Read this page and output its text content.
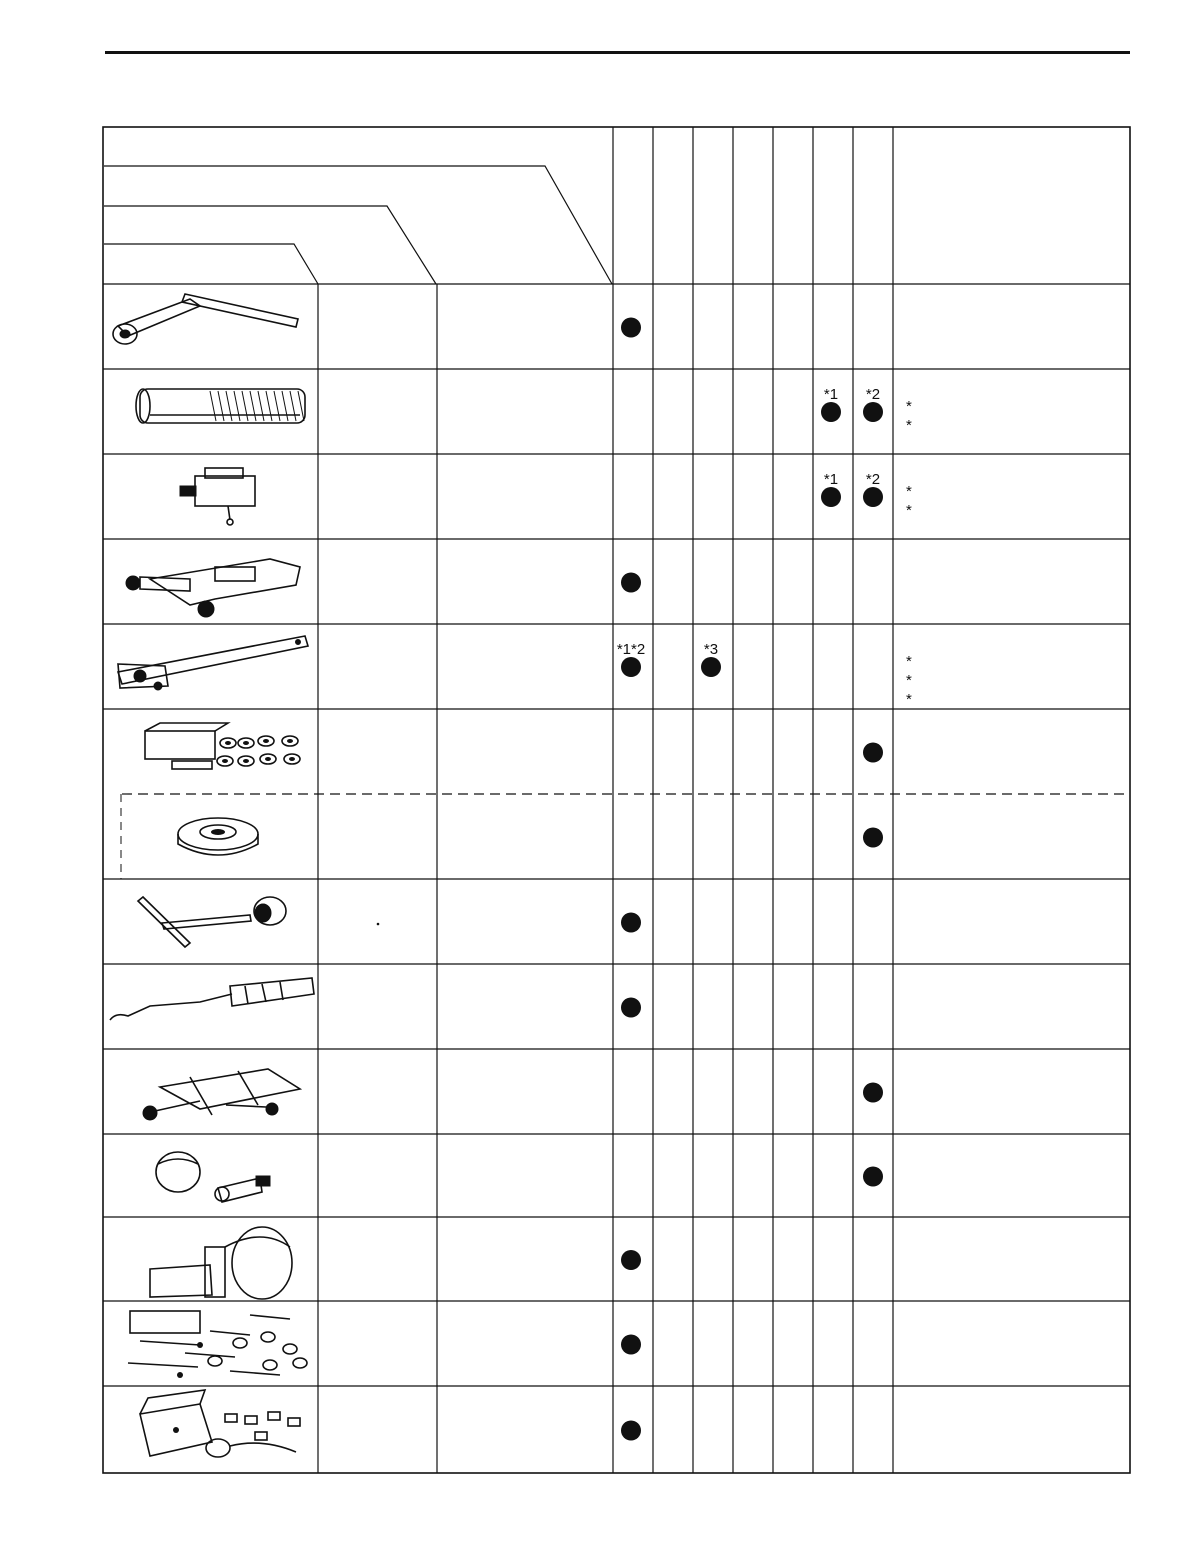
*1 *2
*1 *2
*1*2	*3
*
*
*
*
*
*
*
